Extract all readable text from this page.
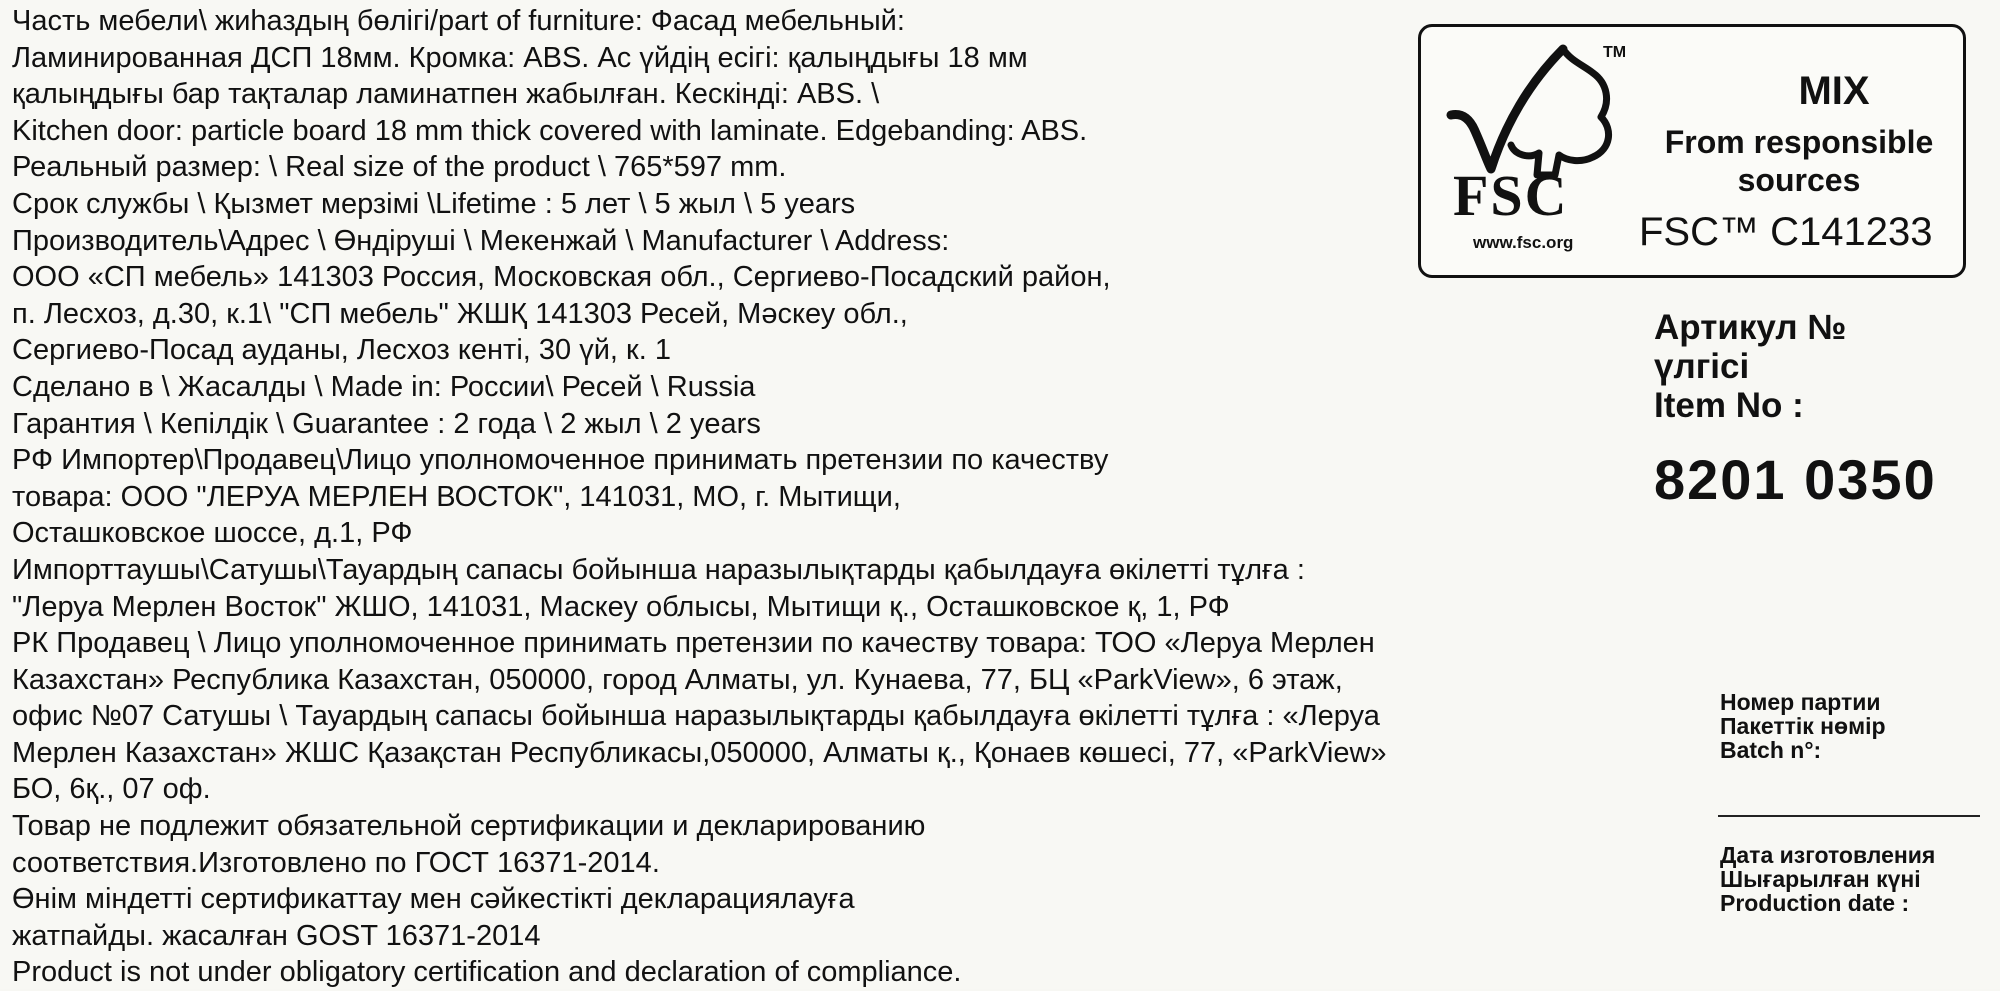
Часть мебели\ жиһаздың бөлігі/part of furniture: Фасад мебельный:
Ламинированная ДСП 18мм. Кромка: ABS. Ас үйдің есігі: қалыңдығы 18 мм
қалыңдығы бар тақталар ламинатпен жабылған. Кескінді: ABS. \
Kitchen door: particle board 18 mm thick covered with laminate. Edgebanding: ABS.
Реальный размер: \ Real size of the product \ 765*597 mm.
Срок службы \ Қызмет мерзімі \Lifetime : 5 лет \ 5 жыл \ 5 years
Производитель\Адрес \ Өндіруші \ Мекенжай \ Manufacturer \ Address:
ООО «СП мебель» 141303 Россия, Московская обл., Сергиево-Посадский район,
п. Лесхоз, д.30, к.1\ "СП мебель" ЖШҚ 141303 Ресей, Мәскеу обл.,
Сергиево-Посад ауданы, Лесхоз кенті, 30 үй, к. 1
Сделано в \ Жасалды \ Made in: России\ Ресей \ Russia
Гарантия \ Кепілдік \ Guarantee : 2 года \ 2 жыл \ 2 years
РФ Импортер\Продавец\Лицо уполномоченное принимать претензии по качеству
товара: ООО "ЛЕРУА МЕРЛЕН ВОСТОК", 141031, МО, г. Мытищи,
Осташковское шоссе, д.1, РФ
Импорттаушы\Сатушы\Тауардың сапасы бойынша наразылықтарды қабылдауға өкілетті тұлға :
"Леруа Мерлен Восток" ЖШО, 141031, Маскеу облысы, Мытищи қ., Осташковское қ, 1, РФ
РК Продавец \ Лицо уполномоченное принимать претензии по качеству товара: ТОО «Леруа Мерлен
Казахстан» Республика Казахстан, 050000, город Алматы, ул. Кунаева, 77, БЦ «ParkView», 6 этаж,
офис №07 Сатушы \ Тауардың сапасы бойынша наразылықтарды қабылдауға өкілетті тұлға : «Леруа
Мерлен Казахстан» ЖШС Қазақстан Республикасы,050000, Алматы қ., Қонаев көшесі, 77, «ParkView»
БО, 6қ., 07 оф.
Товар не подлежит обязательной сертификации и декларированию
соответствия.Изготовлено по ГОСТ 16371-2014.
Өнім міндетті сертификаттау мен сәйкестікті декларациялауға
жатпайды. жасалған GOST 16371-2014
Product is not under obligatory certification and declaration of compliance.
TM
FSC
www.fsc.org
MIX
From responsible sources
FSC™ C141233
Артикул №
үлгісі
Item No :
8201 0350
Номер партии
Пакеттік нөмір
Batch n°:
Дата изготовления
Шығарылған күні
Production date :
